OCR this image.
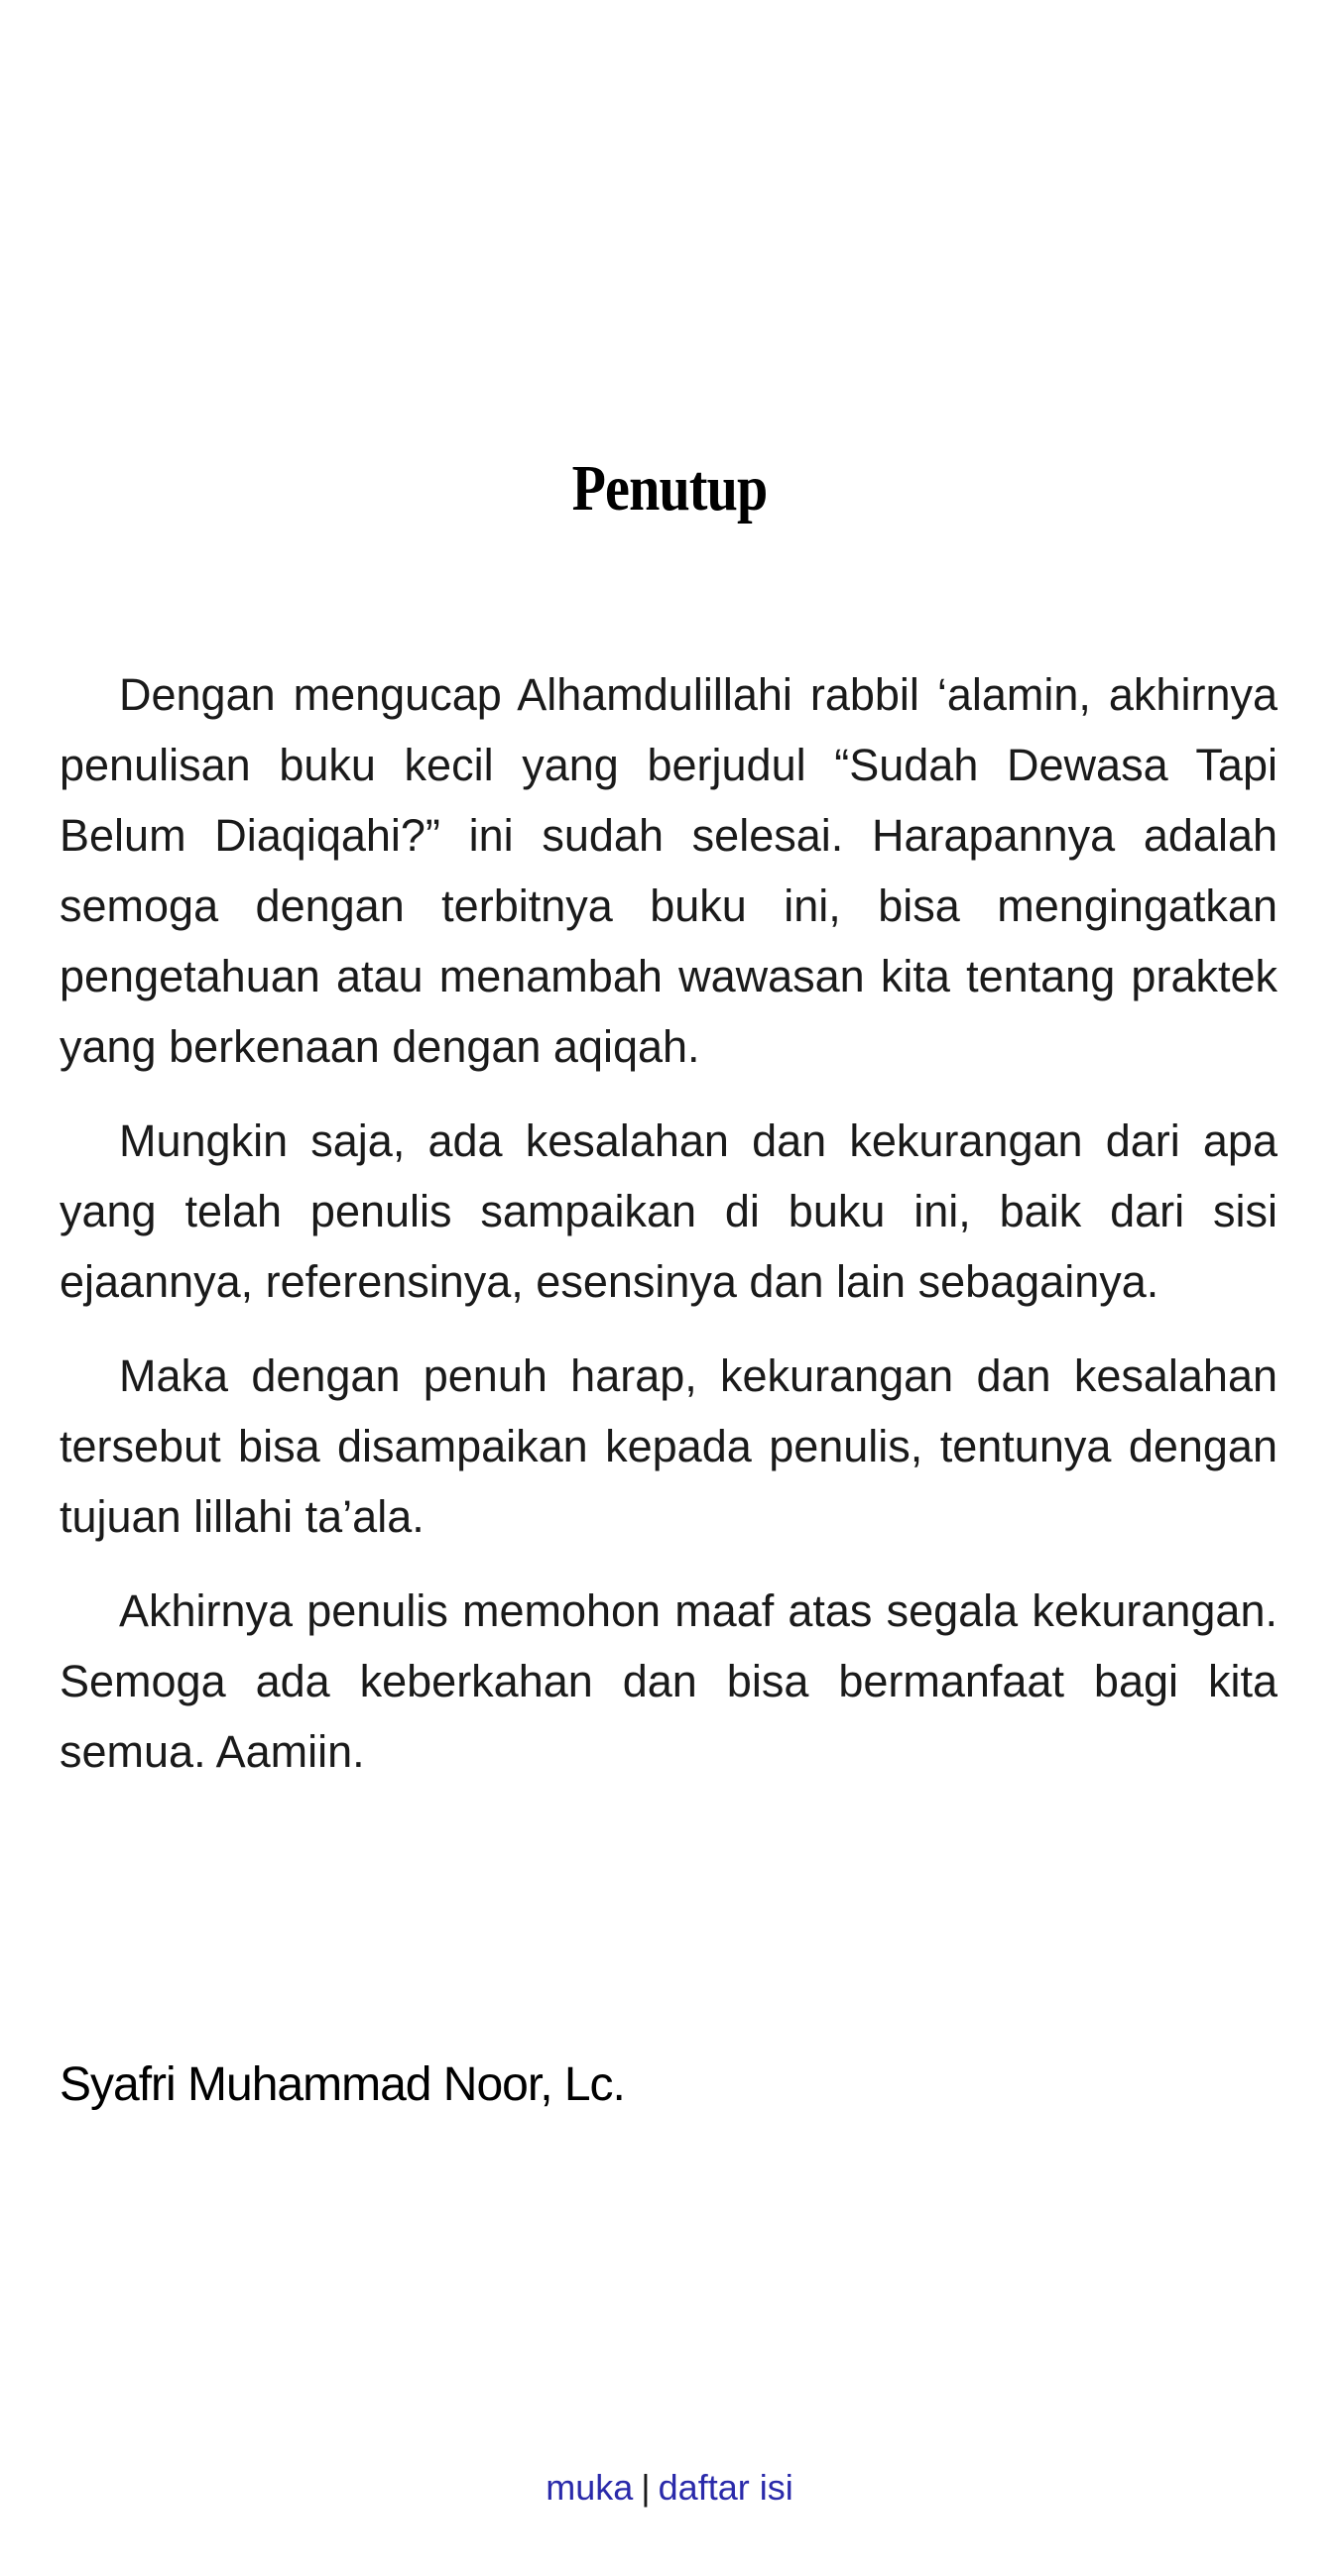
Penutup

Dengan mengucap Alhamdulillahi rabbil ‘alamin, akhirnya penulisan buku kecil yang berjudul “Sudah Dewasa Tapi Belum Diaqiqahi?” ini sudah selesai. Harapannya adalah semoga dengan terbitnya buku ini, bisa mengingatkan pengetahuan atau menambah wawasan kita tentang praktek yang berkenaan dengan aqiqah.

Mungkin saja, ada kesalahan dan kekurangan dari apa yang telah penulis sampaikan di buku ini, baik dari sisi ejaannya, referensinya, esensinya dan lain sebagainya.

Maka dengan penuh harap, kekurangan dan kesalahan tersebut bisa disampaikan kepada penulis, tentunya dengan tujuan lillahi ta’ala.

Akhirnya penulis memohon maaf atas segala kekurangan. Semoga ada keberkahan dan bisa bermanfaat bagi kita semua. Aamiin.

Syafri Muhammad Noor, Lc.

muka | daftar isi
